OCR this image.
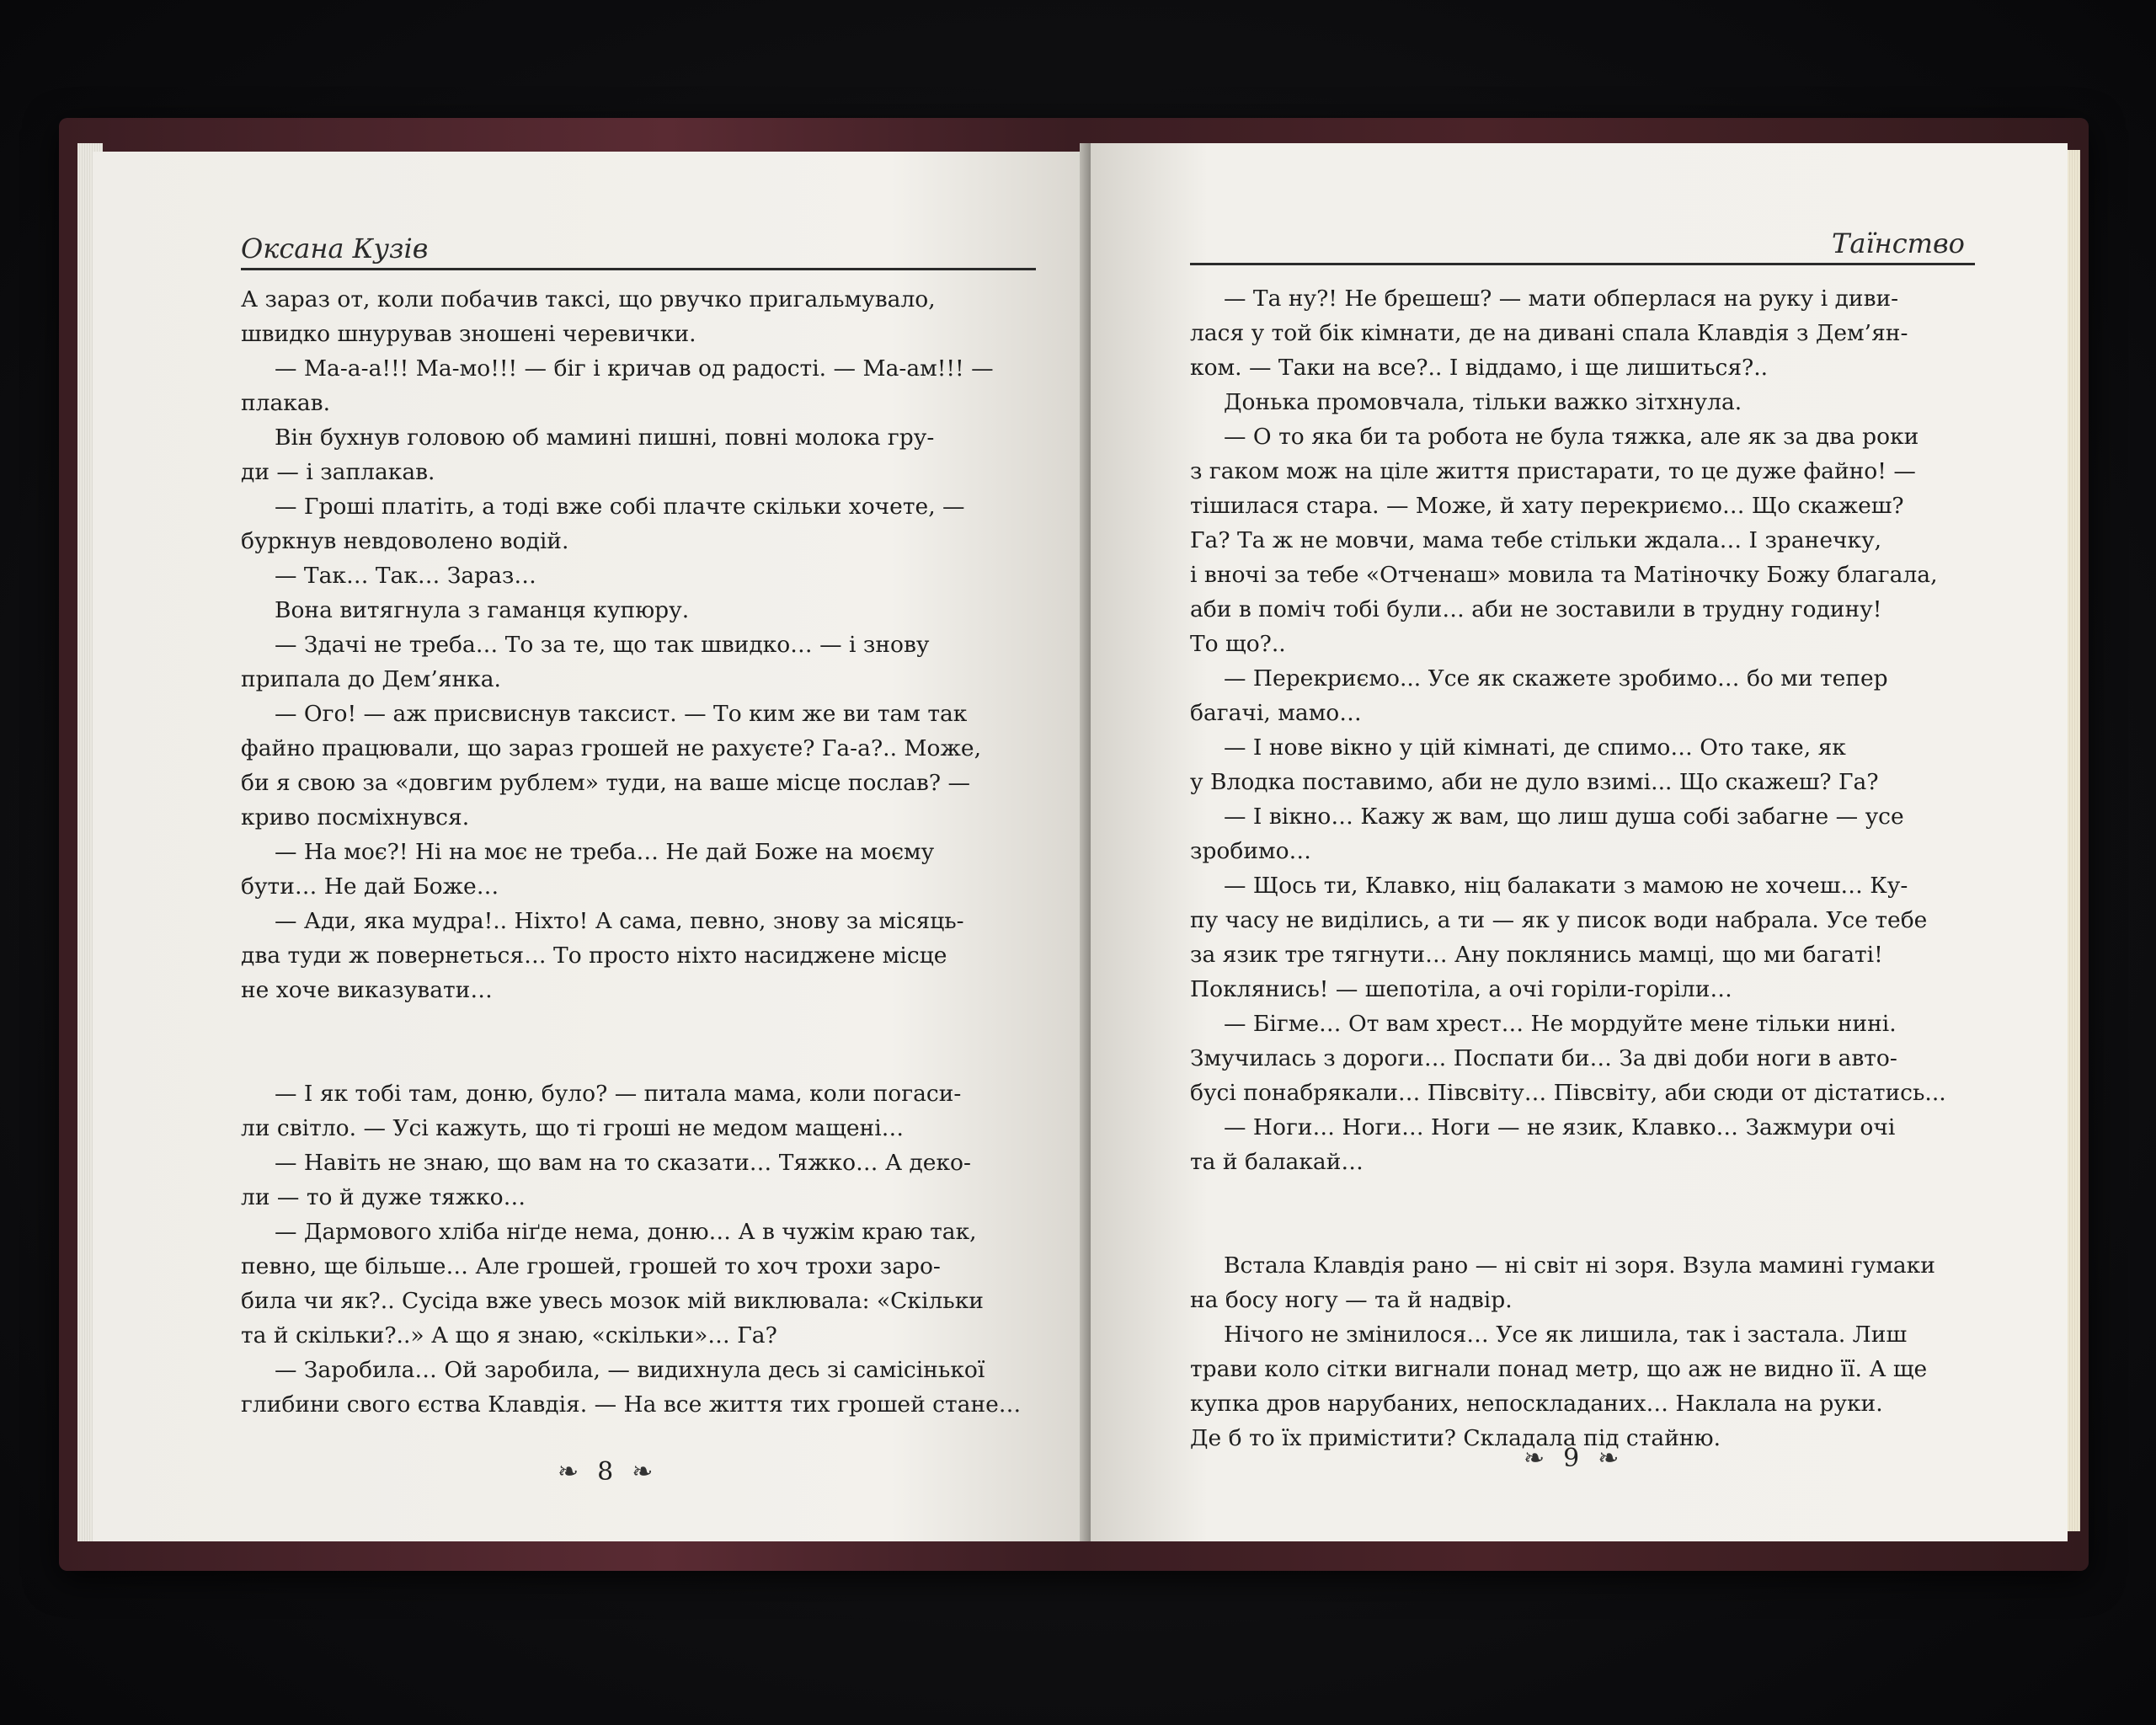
Оксана Кузів
А зараз от, коли побачив таксі, що рвучко пригальмувало,
швидко шнурував зношені черевички.
— Ма-а-а!!! Ма-мо!!! — біг і кричав од радості. — Ма-ам!!! —
плакав.
Він бухнув головою об мамині пишні, повні молока гру-
ди — і заплакав.
— Гроші платіть, а тоді вже собі плачте скільки хочете, —
буркнув невдоволено водій.
— Так… Так… Зараз…
Вона витягнула з гаманця купюру.
— Здачі не треба… То за те, що так швидко… — і знову
припала до Дем’янка.
— Ого! — аж присвиснув таксист. — То ким же ви там так
файно працювали, що зараз грошей не рахуєте? Га-а?.. Може,
би я свою за «довгим рублем» туди, на ваше місце послав? —
криво посміхнувся.
— На моє?! Ні на моє не треба… Не дай Боже на моєму
бути… Не дай Боже…
— Ади, яка мудра!.. Ніхто! А сама, певно, знову за місяць-
два туди ж повернеться… То просто ніхто насиджене місце
не хоче виказувати…
— І як тобі там, доню, було? — питала мама, коли погаси-
ли світло. — Усі кажуть, що ті гроші не медом мащені…
— Навіть не знаю, що вам на то сказати… Тяжко… А деко-
ли — то й дуже тяжко…
— Дармового хліба ніґде нема, доню… А в чужім краю так,
певно, ще більше… Але грошей, грошей то хоч трохи заро-
била чи як?.. Сусіда вже увесь мозок мій виклювала: «Скільки
та й скільки?..» А що я знаю, «скільки»… Га?
— Заробила… Ой заробила, — видихнула десь зі самісінької
глибини свого єства Клавдія. — На все життя тих грошей стане…
❧ 8 ❧
Таїнство
— Та ну?! Не брешеш? — мати обперлася на руку і диви-
лася у той бік кімнати, де на дивані спала Клавдія з Дем’ян-
ком. — Таки на все?.. І віддамо, і ще лишиться?..
Донька промовчала, тільки важко зітхнула.
— О то яка би та робота не була тяжка, але як за два роки
з гаком мож на ціле життя пристарати, то це дуже файно! —
тішилася стара. — Може, й хату перекриємо… Що скажеш?
Га? Та ж не мовчи, мама тебе стільки ждала… І зранечку,
і вночі за тебе «Отченаш» мовила та Матіночку Божу благала,
аби в поміч тобі були… аби не зоставили в трудну годину!
То що?..
— Перекриємо... Усе як скажете зробимо… бо ми тепер
багачі, мамо…
— І нове вікно у цій кімнаті, де спимо… Ото таке, як
у Влодка поставимо, аби не дуло взимі... Що скажеш? Га?
— І вікно… Кажу ж вам, що лиш душа собі забагне — усе
зробимо…
— Щось ти, Клавко, ніц балакати з мамою не хочеш… Ку-
пу часу не виділись, а ти — як у писок води набрала. Усе тебе
за язик тре тягнути… Ану поклянись мамці, що ми багаті!
Поклянись! — шепотіла, а очі горіли-горіли…
— Бігме… От вам хрест… Не мордуйте мене тільки нині.
Змучилась з дороги… Поспати би… За дві доби ноги в авто-
бусі понабрякали… Півсвіту… Півсвіту, аби сюди от дістатись...
— Ноги… Ноги… Ноги — не язик, Клавко… Зажмури очі
та й балакай…
Встала Клавдія рано — ні світ ні зоря. Взула мамині гумаки
на босу ногу — та й надвір.
Нічого не змінилося… Усе як лишила, так і застала. Лиш
трави коло сітки вигнали понад метр, що аж не видно її. А ще
купка дров нарубаних, непоскладаних… Наклала на руки.
Де б то їх примістити? Складала під стайню.
❧ 9 ❧
